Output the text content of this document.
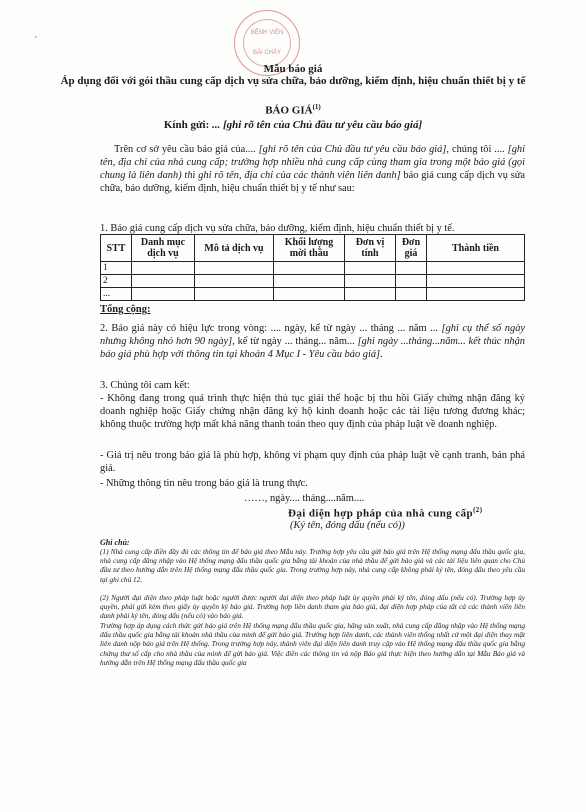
ˊ
BỆNH VIỆN
BÃI CHÁY
Mẫu báo giá
Áp dụng đối với gói thầu cung cấp dịch vụ sửa chữa, bảo dưỡng, kiểm định, hiệu chuẩn thiết bị y tế
BÁO GIÁ$^{(1)}$
Kính gửi: ... [ghi rõ tên của Chủ đầu tư yêu cầu báo giá]
Trên cơ sở yêu cầu báo giá của.... [ghi rõ tên của Chủ đầu tư yêu cầu báo giá], chúng tôi .... [ghi tên, địa chỉ của nhà cung cấp; trường hợp nhiều nhà cung cấp cùng tham gia trong một báo giá (gọi chung là liên danh) thì ghi rõ tên, địa chỉ của các thành viên liên danh] báo giá cung cấp dịch vụ sửa chữa, bảo dưỡng, kiểm định, hiệu chuẩn thiết bị y tế như sau:
1. Báo giá cung cấp dịch vụ sửa chữa, bảo dưỡng, kiểm định, hiệu chuẩn thiết bị y tế.
STT	Danh mục dịch vụ	Mô tả dịch vụ	Khối lượng mời thầu	Đơn vị tính	Đơn giá	Thành tiền
1						
2						
...						
Tổng cộng:
2. Báo giá này có hiệu lực trong vòng: .... ngày, kể từ ngày ... tháng ... năm ... [ghi cụ thể số ngày nhưng không nhỏ hơn 90 ngày], kể từ ngày ... tháng... năm... [ghi ngày ...tháng...năm... kết thúc nhận báo giá phù hợp với thông tin tại khoản 4 Mục I - Yêu cầu báo giá].
3. Chúng tôi cam kết:
- Không đang trong quá trình thực hiện thủ tục giải thể hoặc bị thu hồi Giấy chứng nhận đăng ký doanh nghiệp hoặc Giấy chứng nhận đăng ký hộ kinh doanh hoặc các tài liệu tương đương khác; không thuộc trường hợp mất khả năng thanh toán theo quy định của pháp luật về doanh nghiệp.
- Giá trị nêu trong báo giá là phù hợp, không vi phạm quy định của pháp luật về cạnh tranh, bán phá giá.
- Những thông tin nêu trong báo giá là trung thực.
……, ngày.... tháng....năm....
Đại diện hợp pháp của nhà cung cấp$^{(2)}$
(Ký tên, đóng dấu (nếu có))
Ghi chú:
(1) Nhà cung cấp điền đầy đủ các thông tin để báo giá theo Mẫu này. Trường hợp yêu cầu gửi báo giá trên Hệ thống mạng đấu thầu quốc gia, nhà cung cấp đăng nhập vào Hệ thống mạng đấu thầu quốc gia bằng tài khoản của nhà thầu để gửi báo giá và các tài liệu liên quan cho Chủ đầu tư theo hướng dẫn trên Hệ thống mạng đấu thầu quốc gia. Trong trường hợp này, nhà cung cấp không phải ký tên, đóng dấu theo yêu cầu tại ghi chú 12.
(2) Người đại diện theo pháp luật hoặc người được người đại diện theo pháp luật ủy quyền phải ký tên, đóng dấu (nếu có). Trường hợp ủy quyền, phải gửi kèm theo giấy ủy quyền ký báo giá. Trường hợp liên danh tham gia báo giá, đại diện hợp pháp của tất cả các thành viên liên danh phải ký tên, đóng dấu (nếu có) vào báo giá.
Trường hợp áp dụng cách thức gửi báo giá trên Hệ thống mạng đấu thầu quốc gia, hãng sản xuất, nhà cung cấp đăng nhập vào Hệ thống mạng đấu thầu quốc gia bằng tài khoản nhà thầu của mình để gửi báo giá. Trường hợp liên danh, các thành viên thống nhất cử một đại diện thay mặt liên danh nộp báo giá trên Hệ thống. Trong trường hợp này, thành viên đại diện liên danh truy cập vào Hệ thống mạng đấu thầu quốc gia bằng chứng thư số cấp cho nhà thầu của mình để gửi báo giá. Việc điền các thông tin và nộp Báo giá thực hiện theo hướng dẫn tại Mẫu Báo giá và hướng dẫn trên Hệ thống mạng đấu thầu quốc gia
